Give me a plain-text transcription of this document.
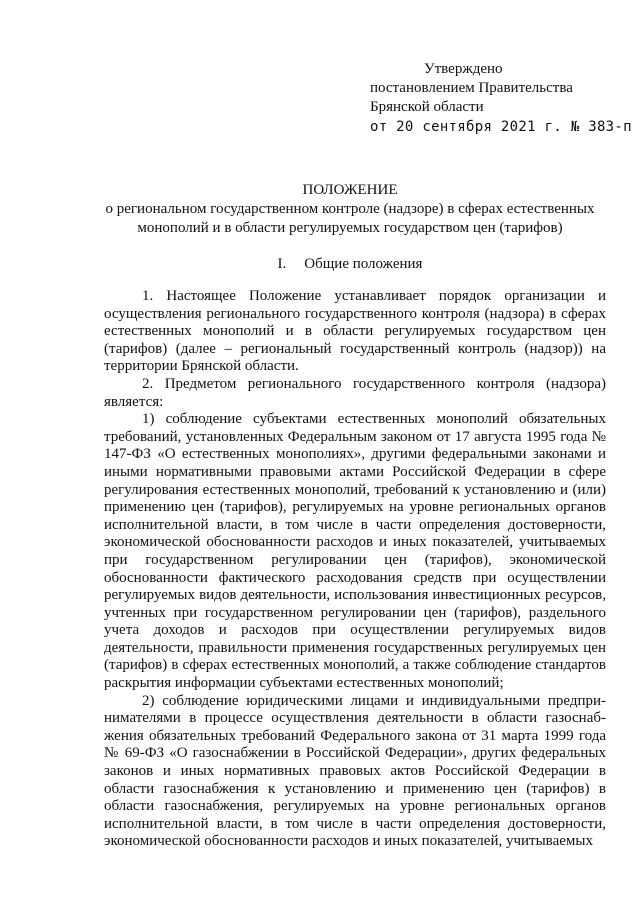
Утверждено
постановлением Правительства
Брянской области
от 20 сентября 2021 г. № 383-п
ПОЛОЖЕНИЕ
о региональном государственном контроле (надзоре) в сферах естественных
монополий и в области регулируемых государством цен (тарифов)
I. Общие положения

1. Настоящее Положение устанавливает порядок организации и осуществления регионального государственного контроля (надзора) в сферах естественных монополий и в области регулируемых государством цен (тарифов) (далее – региональный государственный контроль (надзор)) на территории Брянской области.

2. Предметом регионального государственного контроля (надзора) является:

1) соблюдение субъектами естественных монополий обязательных требований, установленных Федеральным законом от 17 августа 1995 года № 147-ФЗ «О естественных монополиях», другими федеральными законами и иными нормативными правовыми актами Российской Федерации в сфере регулирования естественных монополий, требований к установлению и (или) применению цен (тарифов), регулируемых на уровне региональных органов исполнительной власти, в том числе в части определения достоверности, экономической обоснованности расходов и иных показателей, учитываемых при государственном регулировании цен (тарифов), экономической обоснованности фактического расходования средств при осуществлении регулируемых видов деятельности, использования инвестиционных ресурсов, учтенных при государственном регулировании цен (тарифов), раздельного учета доходов и расходов при осуществлении регулируемых видов деятельности, правильности применения государственных регулируемых цен (тарифов) в сферах естественных монополий, а также соблюдение стандартов раскрытия информации субъектами естественных монополий;

2) соблюдение юридическими лицами и индивидуальными предпри-нимателями в процессе осуществления деятельности в области газоснаб-жения обязательных требований Федерального закона от 31 марта 1999 года № 69-ФЗ «О газоснабжении в Российской Федерации», других федеральных законов и иных нормативных правовых актов Российской Федерации в области газоснабжения к установлению и применению цен (тарифов) в области газоснабжения, регулируемых на уровне региональных органов исполнительной власти, в том числе в части определения достоверности, экономической обоснованности расходов и иных показателей, учитываемых
